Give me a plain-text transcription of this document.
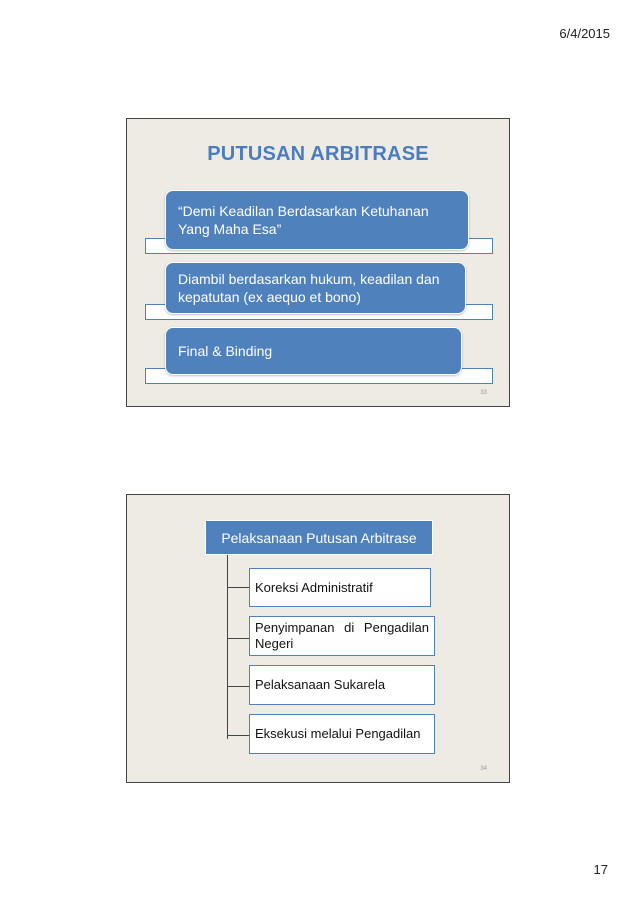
6/4/2015
PUTUSAN ARBITRASE
“Demi Keadilan Berdasarkan Ketuhanan Yang Maha Esa”
Diambil berdasarkan hukum, keadilan dan kepatutan (ex aequo et bono)
Final & Binding
33
Pelaksanaan Putusan Arbitrase
Koreksi Administratif
Penyimpanan di Pengadilan Negeri
Pelaksanaan Sukarela
Eksekusi melalui Pengadilan
34
17
